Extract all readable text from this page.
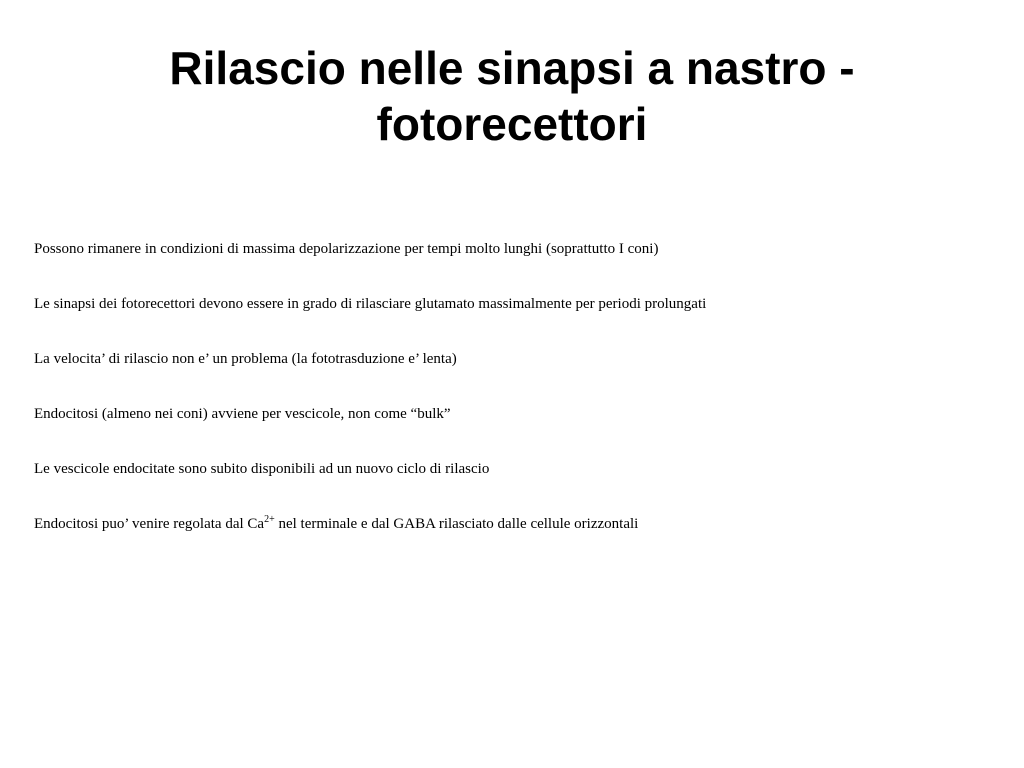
Rilascio nelle sinapsi a nastro -
fotorecettori
Possono rimanere in condizioni di massima depolarizzazione per tempi molto lunghi (soprattutto I coni)
Le sinapsi dei fotorecettori devono essere in grado di rilasciare glutamato massimalmente per periodi prolungati
La velocita’ di rilascio non e’ un problema (la fototrasduzione e’ lenta)
Endocitosi (almeno nei coni) avviene per vescicole, non come “bulk”
Le vescicole endocitate sono subito disponibili ad un nuovo ciclo di rilascio
Endocitosi puo’ venire regolata dal $Ca^{2+}$ nel terminale e dal GABA rilasciato dalle cellule orizzontali
